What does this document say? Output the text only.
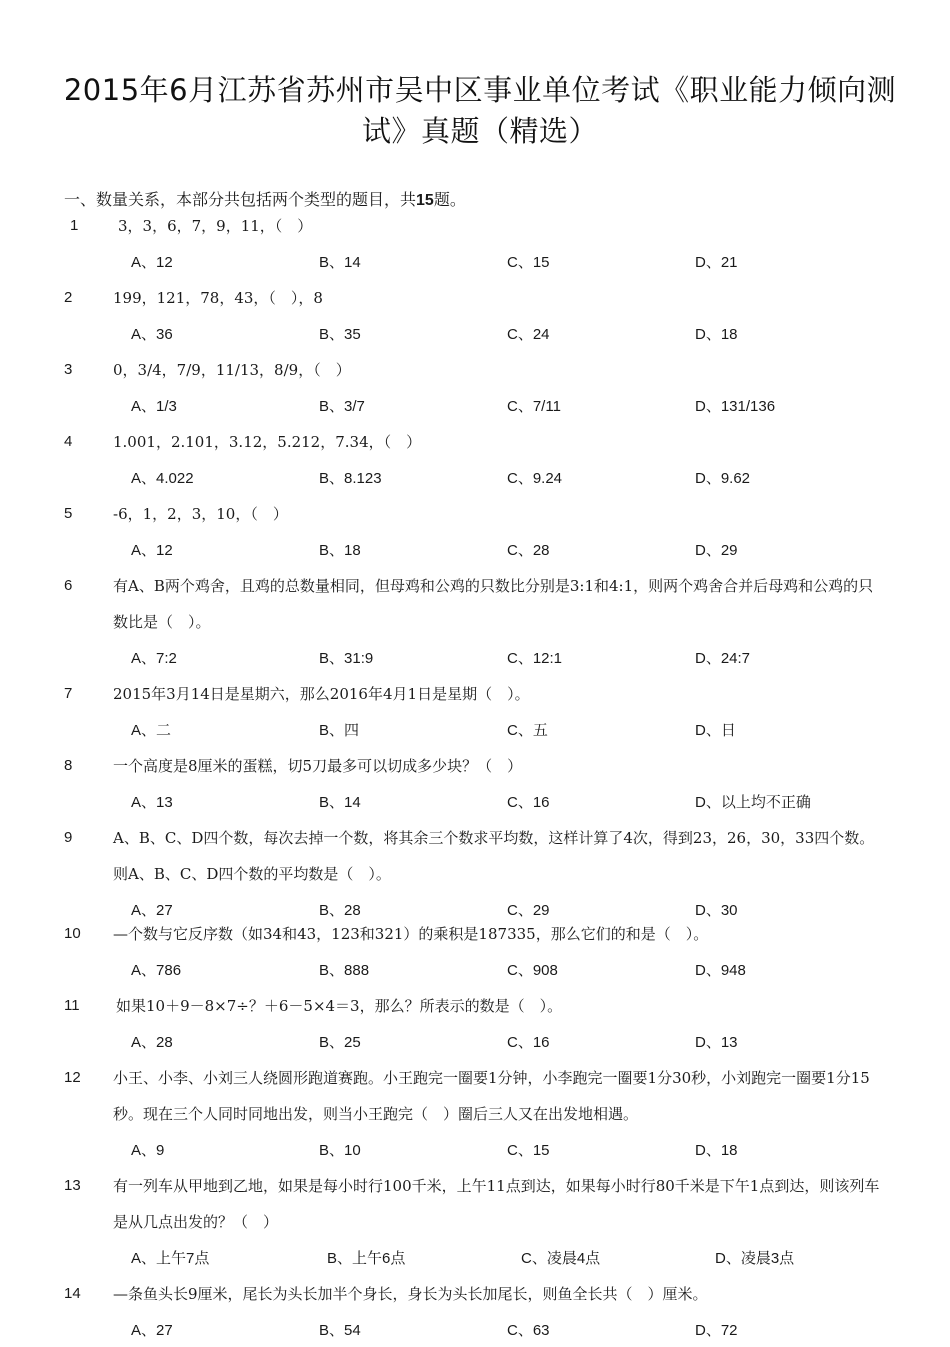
2015年6月江苏省苏州市吴中区事业单位考试《职业能力倾向测
试》真题（精选）
一、数量关系，本部分共包括两个类型的题目，共15题。
1	3，3，6，7，9，11，（　）
A、12	B、14	C、15	D、21
2	199，121，78，43，（　），8
A、36	B、35	C、24	D、18
3	0，3/4，7/9，11/13，8/9，（　）
A、1/3	B、3/7	C、7/11	D、131/136
4	1.001，2.101，3.12，5.212，7.34，（　）
A、4.022	B、8.123	C、9.24	D、9.62
5	-6，1，2，3，10，（　）
A、12	B、18	C、28	D、29
6	有A、B两个鸡舍，且鸡的总数量相同，但母鸡和公鸡的只数比分别是3:1和4:1，则两个鸡舍合并后母鸡和公鸡的只数比是（　）。
A、7:2	B、31:9	C、12:1	D、24:7
7	2015年3月14日是星期六，那么2016年4月1日是星期（　）。
A、二	B、四	C、五	D、日
8	一个高度是8厘米的蛋糕，切5刀最多可以切成多少块？（　）
A、13	B、14	C、16	D、以上均不正确
9	A、B、C、D四个数，每次去掉一个数，将其余三个数求平均数，这样计算了4次，得到23，26，30，33四个数。则A、B、C、D四个数的平均数是（　）。
A、27	B、28	C、29	D、30
10 —个数与它反序数（如34和43，123和321）的乘积是187335，那么它们的和是（　）。
A、786	B、888	C、908	D、948
11 如果10＋9－8×7÷？＋6－5×4＝3，那么？所表示的数是（　）。
A、28	B、25	C、16	D、13
12 小王、小李、小刘三人绕圆形跑道赛跑。小王跑完一圈要1分钟，小李跑完一圈要1分30秒，小刘跑完一圈要1分15秒。现在三个人同时同地出发，则当小王跑完（　）圈后三人又在出发地相遇。
A、9	B、10	C、15	D、18
13 有一列车从甲地到乙地，如果是每小时行100千米，上午11点到达，如果每小时行80千米是下午1点到达，则该列车是从几点出发的？（　）
A、上午7点	B、上午6点	C、凌晨4点	D、凌晨3点
14 —条鱼头长9厘米，尾长为头长加半个身长，身长为头长加尾长，则鱼全长共（　）厘米。
A、27	B、54	C、63	D、72
